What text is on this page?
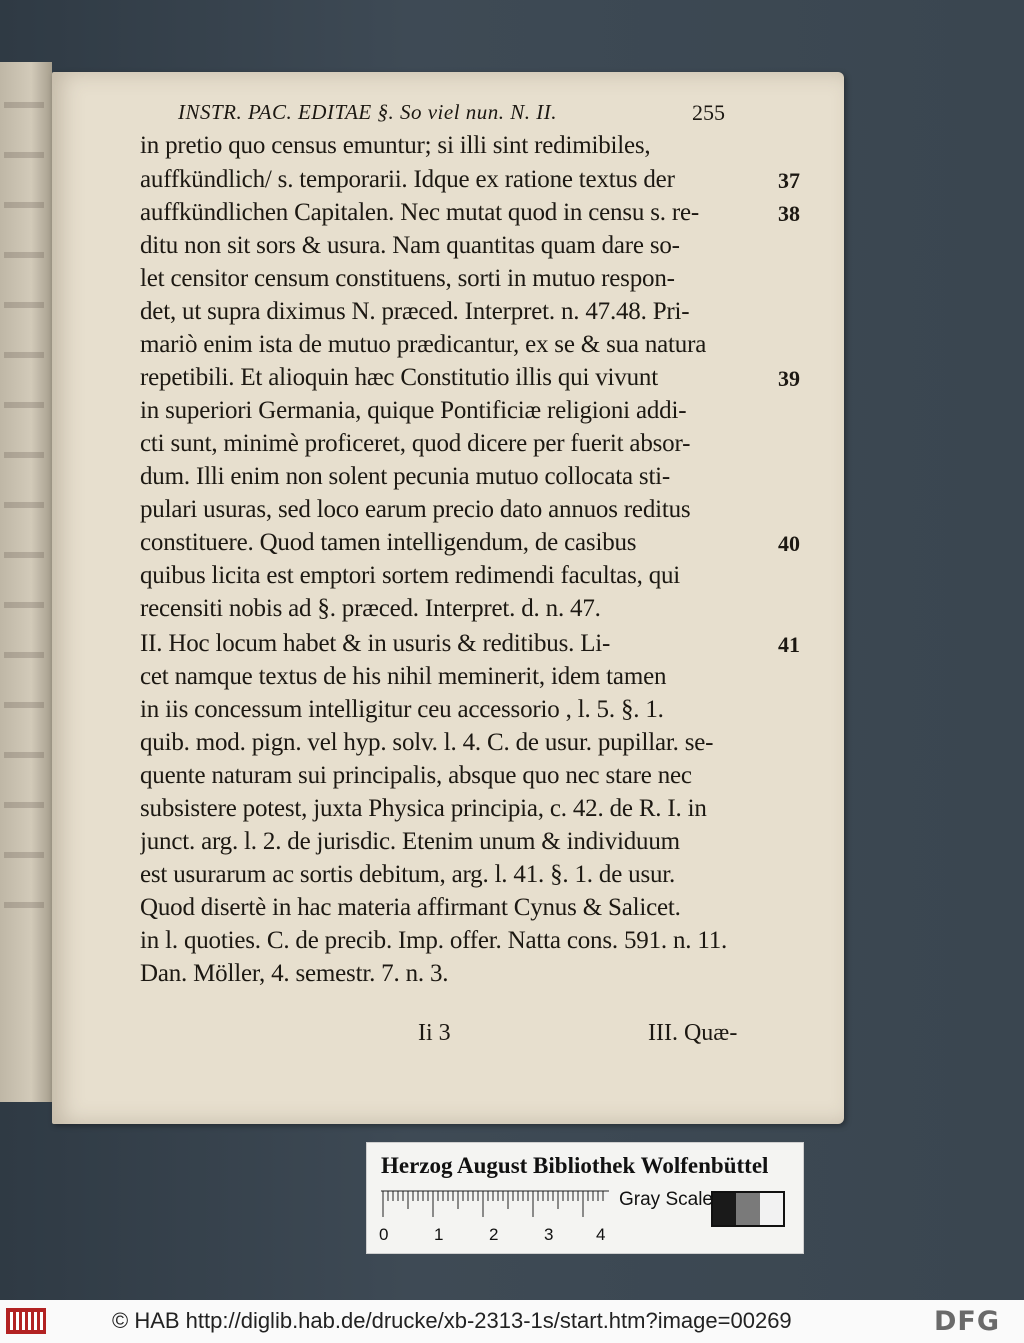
INSTR. PAC. EDITAE §. So viel nun. N. II.	255
in pretio quo census emuntur; si illi sint redimibiles,
auffkündlich/ s. temporarii. Idque ex ratione textus der
auffkündlichen Capitalen. Nec mutat quod in censu s. re-
ditu non sit sors & usura. Nam quantitas quam dare so-
let censitor censum constituens, sorti in mutuo respon-
det, ut supra diximus N. præced. Interpret. n. 47.48. Pri-
mariò enim ista de mutuo prædicantur, ex se & sua natura
repetibili. Et alioquin hæc Constitutio illis qui vivunt
in superiori Germania, quique Pontificiæ religioni addi-
cti sunt, minimè proficeret, quod dicere per fuerit absor-
dum. Illi enim non solent pecunia mutuo collocata sti-
pulari usuras, sed loco earum precio dato annuos reditus
constituere. Quod tamen intelligendum, de casibus
quibus licita est emptori sortem redimendi facultas, qui
recensiti nobis ad §. præced. Interpret. d. n. 47.
II. Hoc locum habet & in usuris & reditibus. Li-
cet namque textus de his nihil meminerit, idem tamen
in iis concessum intelligitur ceu accessorio , l. 5. §. 1.
quib. mod. pign. vel hyp. solv. l. 4. C. de usur. pupillar. se-
quente naturam sui principalis, absque quo nec stare nec
subsistere potest, juxta Physica principia, c. 42. de R. I. in
junct. arg. l. 2. de jurisdic. Etenim unum & individuum
est usurarum ac sortis debitum, arg. l. 41. §. 1. de usur.
Quod disertè in hac materia affirmant Cynus & Salicet.
in l. quoties. C. de precib. Imp. offer. Natta cons. 591. n. 11.
Dan. Möller, 4. semestr. 7. n. 3.
37
38
39
40
41
Ii 3	III. Quæ-
Herzog August Bibliothek Wolfenbüttel
0	1	2	3	4
Gray Scale
© HAB http://diglib.hab.de/drucke/xb-2313-1s/start.htm?image=00269	DFG
